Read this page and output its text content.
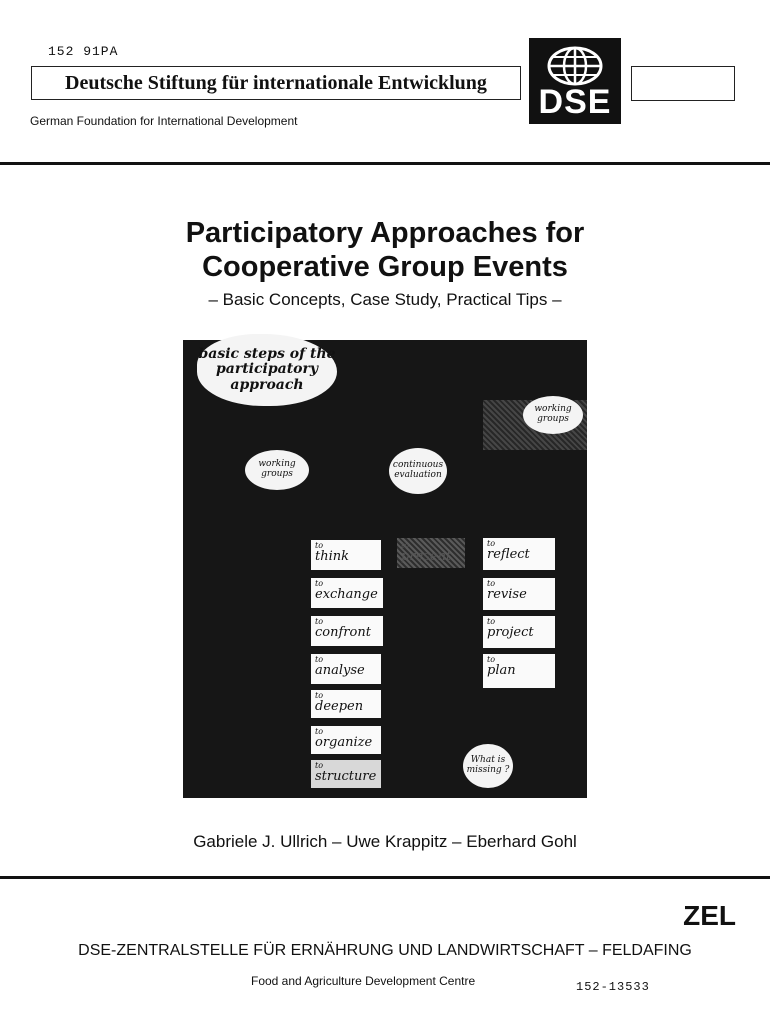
152 91PA
Deutsche Stiftung für internationale Entwicklung
German Foundation for International Development	DSE
Participatory Approaches for
Cooperative Group Events
– Basic Concepts, Case Study, Practical Tips –
basic steps of the participatory approach
working groups
continuous evaluation
working groups
What is missing ?
to
think
to
exchange
to
confront
to
analyse
to
deepen
to
organize
to
structure
to
present
to
reflect
to
revise
to
project
to
plan
Gabriele J. Ullrich – Uwe Krappitz – Eberhard Gohl
ZEL
DSE-ZENTRALSTELLE FÜR ERNÄHRUNG UND LANDWIRTSCHAFT – FELDAFING
Food and Agriculture Development Centre	152-13533
